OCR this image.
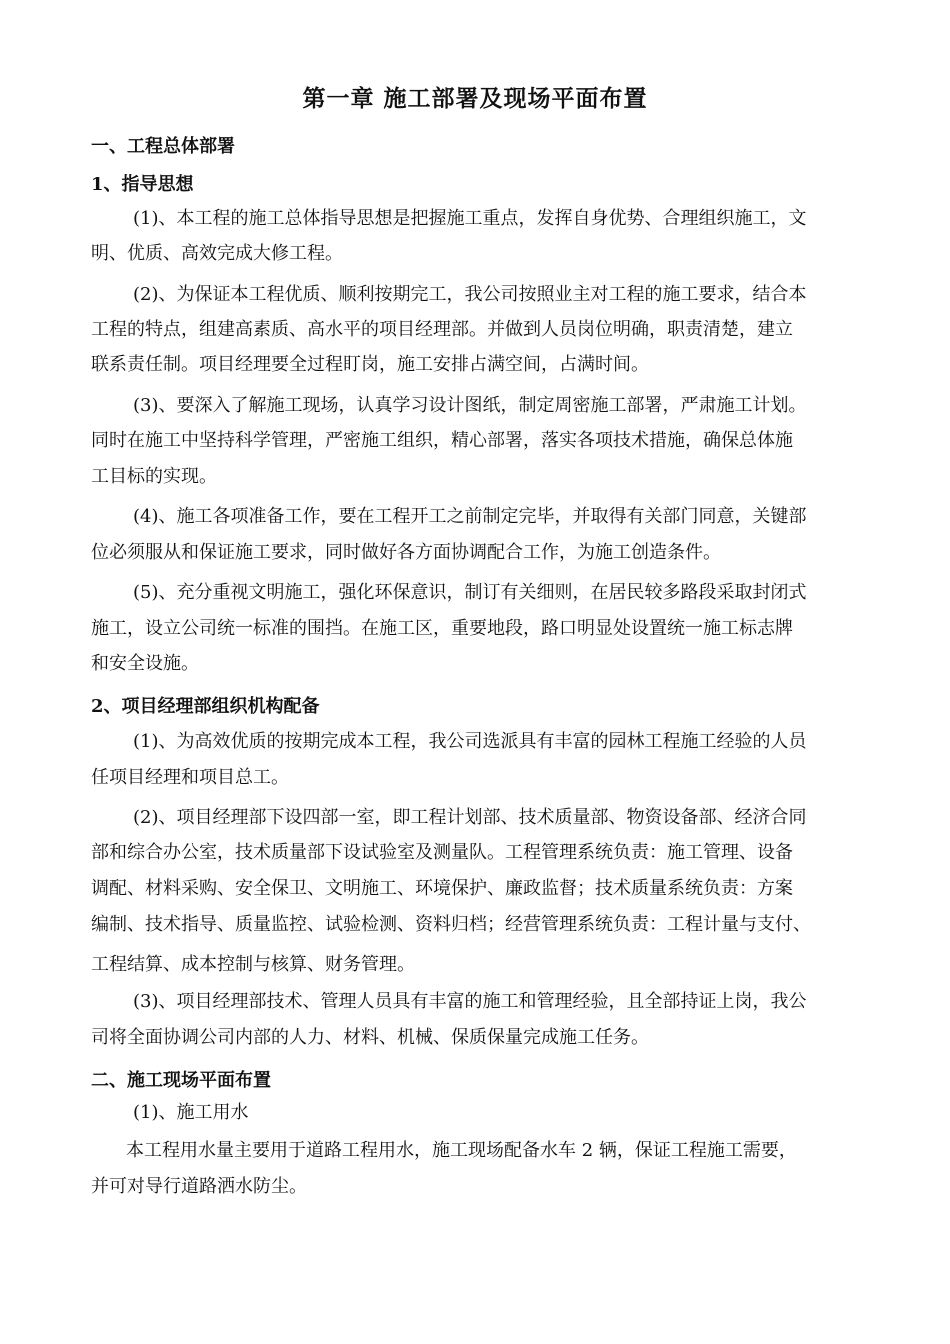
第一章 施工部署及现场平面布置
一、工程总体部署
1、指导思想
(1)、本工程的施工总体指导思想是把握施工重点，发挥自身优势、合理组织施工，文
明、优质、高效完成大修工程。
(2)、为保证本工程优质、顺利按期完工，我公司按照业主对工程的施工要求，结合本
工程的特点，组建高素质、高水平的项目经理部。并做到人员岗位明确，职责清楚，建立
联系责任制。项目经理要全过程盯岗，施工安排占满空间，占满时间。
(3)、要深入了解施工现场，认真学习设计图纸，制定周密施工部署，严肃施工计划。
同时在施工中坚持科学管理，严密施工组织，精心部署，落实各项技术措施，确保总体施
工目标的实现。
(4)、施工各项准备工作，要在工程开工之前制定完毕，并取得有关部门同意，关键部
位必须服从和保证施工要求，同时做好各方面协调配合工作，为施工创造条件。
(5)、充分重视文明施工，强化环保意识，制订有关细则，在居民较多路段采取封闭式
施工，设立公司统一标准的围挡。在施工区，重要地段，路口明显处设置统一施工标志牌
和安全设施。
2、项目经理部组织机构配备
(1)、为高效优质的按期完成本工程，我公司选派具有丰富的园林工程施工经验的人员
任项目经理和项目总工。
(2)、项目经理部下设四部一室，即工程计划部、技术质量部、物资设备部、经济合同
部和综合办公室，技术质量部下设试验室及测量队。工程管理系统负责：施工管理、设备
调配、材料采购、安全保卫、文明施工、环境保护、廉政监督；技术质量系统负责：方案
编制、技术指导、质量监控、试验检测、资料归档；经营管理系统负责：工程计量与支付、
工程结算、成本控制与核算、财务管理。
(3)、项目经理部技术、管理人员具有丰富的施工和管理经验，且全部持证上岗，我公
司将全面协调公司内部的人力、材料、机械、保质保量完成施工任务。
二、施工现场平面布置
(1)、施工用水
本工程用水量主要用于道路工程用水，施工现场配备水车 2 辆，保证工程施工需要，
并可对导行道路洒水防尘。
